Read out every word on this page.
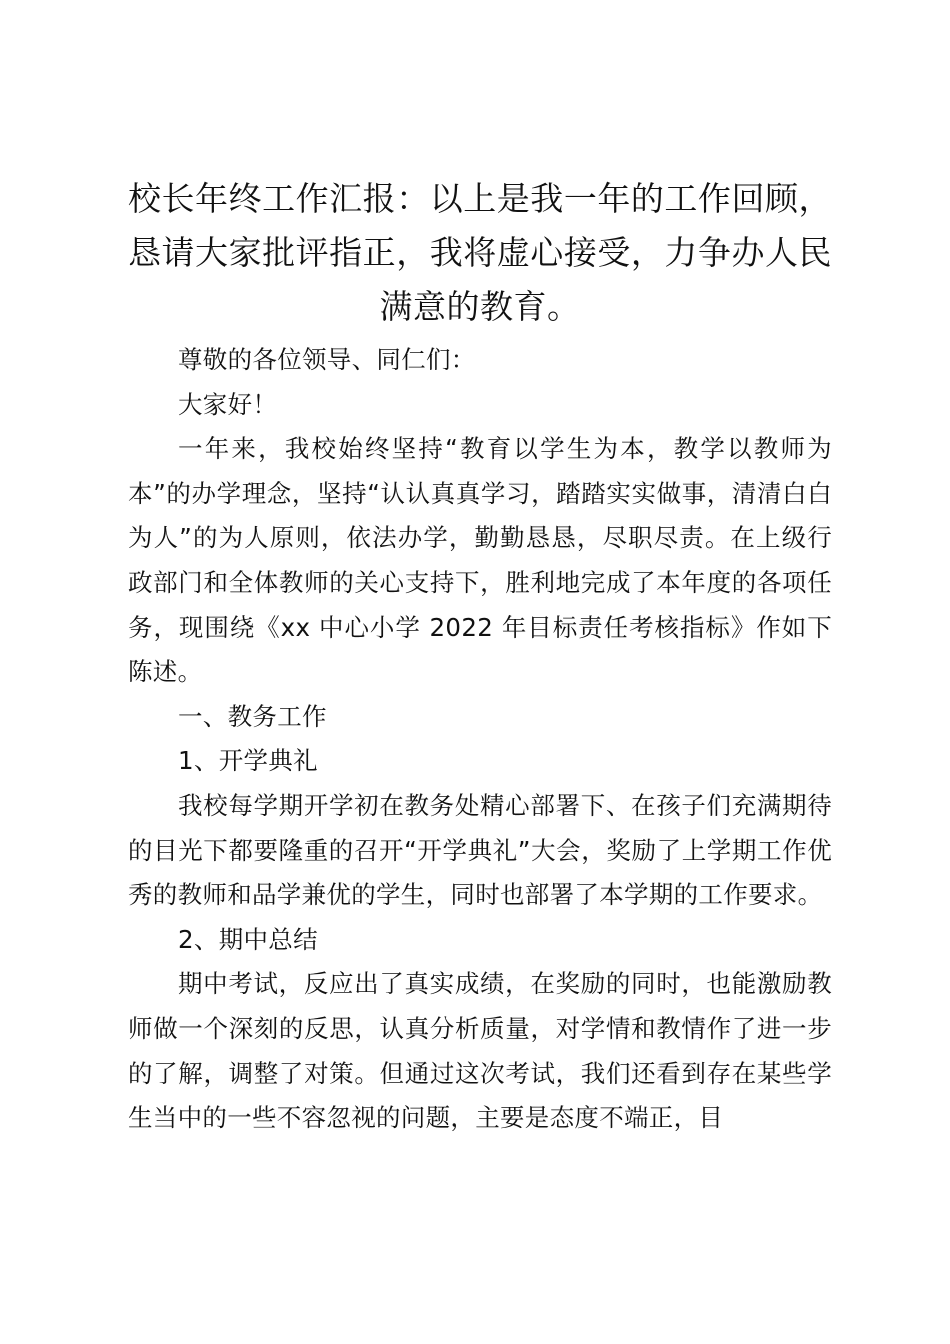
校长年终工作汇报：以上是我一年的工作回顾，恳请大家批评指正，我将虚心接受，力争办人民满意的教育。

尊敬的各位领导、同仁们：

大家好！

一年来，我校始终坚持“教育以学生为本，教学以教师为本”的办学理念，坚持“认认真真学习，踏踏实实做事，清清白白为人”的为人原则，依法办学，勤勤恳恳，尽职尽责。在上级行政部门和全体教师的关心支持下，胜利地完成了本年度的各项任务，现围绕《xx 中心小学 2022 年目标责任考核指标》作如下陈述。

一、教务工作

1、开学典礼

我校每学期开学初在教务处精心部署下、在孩子们充满期待的目光下都要隆重的召开“开学典礼”大会，奖励了上学期工作优秀的教师和品学兼优的学生，同时也部署了本学期的工作要求。

2、期中总结

期中考试，反应出了真实成绩，在奖励的同时，也能激励教师做一个深刻的反思，认真分析质量，对学情和教情作了进一步的了解，调整了对策。但通过这次考试，我们还看到存在某些学生当中的一些不容忽视的问题，主要是态度不端正，目
